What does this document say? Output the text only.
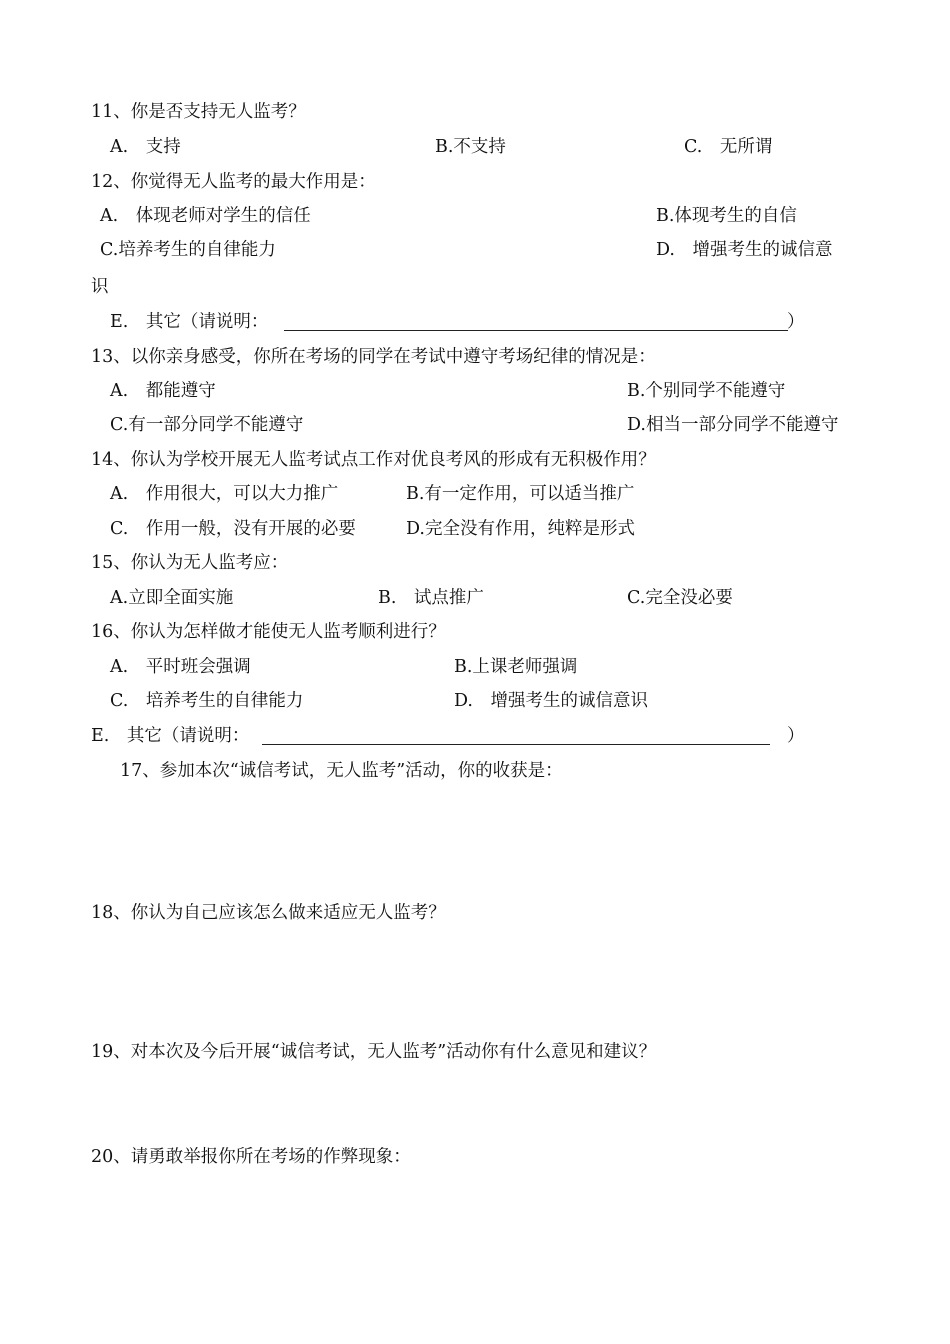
11、你是否支持无人监考？
A.　支持	B.不支持	C.　无所谓
12、你觉得无人监考的最大作用是：
A.　体现老师对学生的信任	B.体现考生的自信
C.培养考生的自律能力	D.　增强考生的诚信意
识
E.　其它（请说明：	）
13、以你亲身感受，你所在考场的同学在考试中遵守考场纪律的情况是：
A.　都能遵守	B.个别同学不能遵守
C.有一部分同学不能遵守	D.相当一部分同学不能遵守
14、你认为学校开展无人监考试点工作对优良考风的形成有无积极作用？
A.　作用很大，可以大力推广	B.有一定作用，可以适当推广
C.　作用一般，没有开展的必要	D.完全没有作用，纯粹是形式
15、你认为无人监考应：
A.立即全面实施	B.　试点推广	C.完全没必要
16、你认为怎样做才能使无人监考顺利进行？
A.　平时班会强调	B.上课老师强调
C.　培养考生的自律能力	D.　增强考生的诚信意识
E.　其它（请说明：	）
17、参加本次“诚信考试，无人监考”活动，你的收获是：
18、你认为自己应该怎么做来适应无人监考？
19、对本次及今后开展“诚信考试，无人监考”活动你有什么意见和建议？
20、请勇敢举报你所在考场的作弊现象：
